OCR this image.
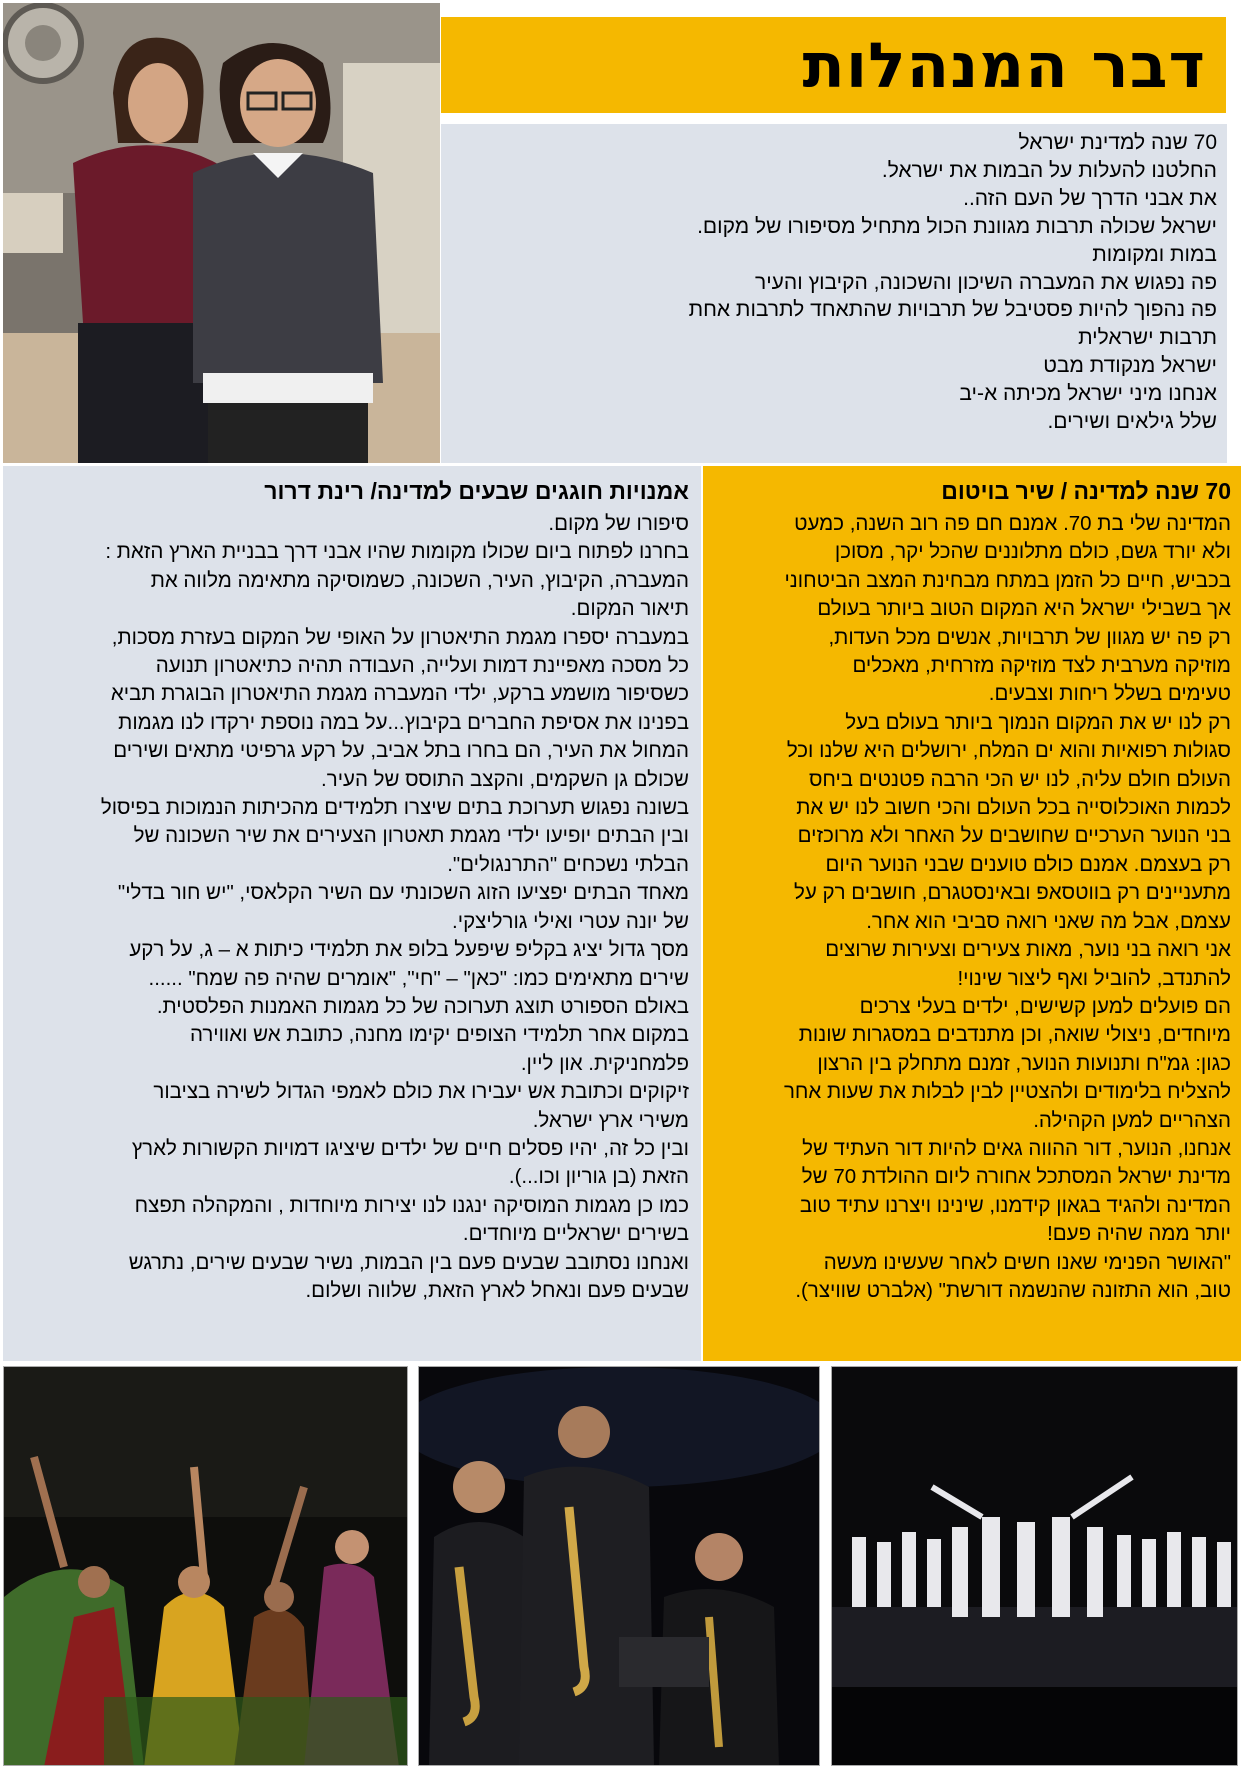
דבר המנהלות
70 שנה למדינת ישראל
החלטנו להעלות על הבמות את ישראל.
את אבני הדרך של העם הזה..
ישראל שכולה תרבות מגוונת הכול מתחיל מסיפורו של מקום.
במות ומקומות
פה נפגוש את המעברה השיכון והשכונה, הקיבוץ והעיר
פה נהפוך להיות פסטיבל של תרבויות שהתאחד לתרבות אחת
תרבות ישראלית
ישראל מנקודת מבט
אנחנו מיני ישראל מכיתה א-יב
שלל גילאים ושירים.
אמנויות חוגגים שבעים למדינה/ רינת דרור
סיפורו של מקום.
בחרנו לפתוח ביום שכולו מקומות שהיו אבני דרך בבניית הארץ הזאת :
המעברה, הקיבוץ, העיר, השכונה, כשמוסיקה מתאימה מלווה את
תיאור המקום.
במעברה יספרו מגמת התיאטרון על האופי של המקום בעזרת מסכות,
כל מסכה מאפיינת דמות ועלייה, העבודה תהיה כתיאטרון תנועה
כשסיפור מושמע ברקע, ילדי המעברה מגמת התיאטרון הבוגרת תביא
בפנינו את אסיפת החברים בקיבוץ...על במה נוספת ירקדו לנו מגמות
המחול את העיר, הם בחרו בתל אביב, על רקע גרפיטי מתאים ושירים
שכולם גן השקמים, והקצב התוסס של העיר.
בשונה נפגוש תערוכת בתים שיצרו תלמידים מהכיתות הנמוכות בפיסול
ובין הבתים יופיעו ילדי מגמת תאטרון הצעירים את שיר השכונה של
הבלתי נשכחים "התרנגולים".
מאחד הבתים יפציעו הזוג השכונתי עם השיר הקלאסי, "יש חור בדלי"
של יונה עטרי ואילי גורליצקי.
מסך גדול יציג בקליפ שיפעל בלופ את תלמידי כיתות א – ג, על רקע
שירים מתאימים כמו: "כאן" – "חי", "אומרים שהיה פה שמח" ......
באולם הספורט תוצג תערוכה של כל מגמות האמנות הפלסטית.
במקום אחר תלמידי הצופים יקימו מחנה, כתובת אש ואווירה
פלמחניקית. און ליין.
זיקוקים וכתובת אש יעבירו את כולם לאמפי הגדול לשירה בציבור
משירי ארץ ישראל.
ובין כל זה, יהיו פסלים חיים של ילדים שיציגו דמויות הקשורות לארץ
הזאת (בן גוריון וכו...).
כמו כן מגמות המוסיקה ינגנו לנו יצירות מיוחדות , והמקהלה תפצח
בשירים ישראליים מיוחדים.
ואנחנו נסתובב שבעים פעם בין הבמות, נשיר שבעים שירים, נתרגש
שבעים פעם ונאחל לארץ הזאת, שלווה ושלום.
70 שנה למדינה / שיר בויטום
המדינה שלי בת 70. אמנם חם פה רוב השנה, כמעט
ולא יורד גשם, כולם מתלוננים שהכל יקר, מסוכן
בכביש, חיים כל הזמן במתח מבחינת המצב הביטחוני
אך בשבילי ישראל היא המקום הטוב ביותר בעולם
רק פה יש מגוון של תרבויות, אנשים מכל העדות,
מוזיקה מערבית לצד מוזיקה מזרחית, מאכלים
טעימים בשלל ריחות וצבעים.
רק לנו יש את המקום הנמוך ביותר בעולם בעל
סגולות רפואיות והוא ים המלח, ירושלים היא שלנו וכל
העולם חולם עליה, לנו יש הכי הרבה פטנטים ביחס
לכמות האוכלוסייה בכל העולם והכי חשוב לנו יש את
בני הנוער הערכיים שחושבים על האחר ולא מרוכזים
רק בעצמם. אמנם כולם טוענים שבני הנוער היום
מתעניינים רק בווטסאפ ובאינסטגרם, חושבים רק על
עצמם, אבל מה שאני רואה סביבי הוא אחר.
אני רואה בני נוער, מאות צעירים וצעירות שרוצים
להתנדב, להוביל ואף ליצור שינוי!
הם פועלים למען קשישים, ילדים בעלי צרכים
מיוחדים, ניצולי שואה, וכן מתנדבים במסגרות שונות
כגון: גמ"ח ותנועות הנוער, זמנם מתחלק בין הרצון
להצליח בלימודים ולהצטיין לבין לבלות את שעות אחר
הצהריים למען הקהילה.
אנחנו, הנוער, דור ההווה גאים להיות דור העתיד של
מדינת ישראל המסתכל אחורה ליום ההולדת 70 של
המדינה ולהגיד בגאון קידמנו, שינינו ויצרנו עתיד טוב
יותר ממה שהיה פעם!
"האושר הפנימי שאנו חשים לאחר שעשינו מעשה
טוב, הוא התזונה שהנשמה דורשת" (אלברט שוויצר).
